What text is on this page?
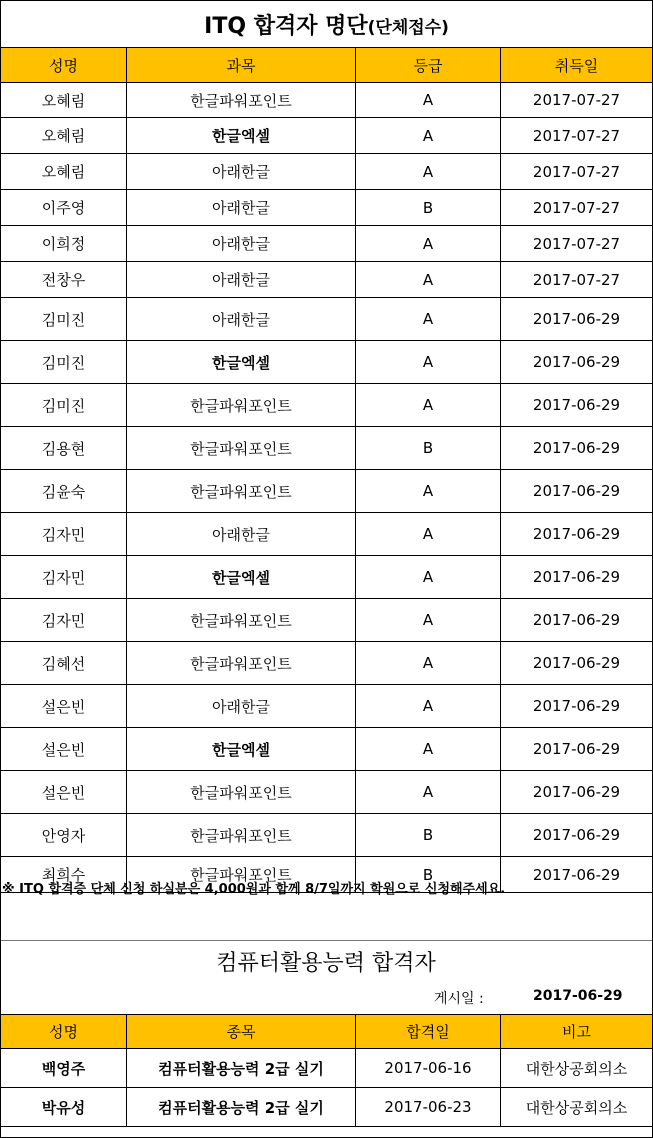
ITQ 합격자 명단(단체접수)			
성명	과목	등급	취득일
오혜림	한글파워포인트	A	2017-07-27
오혜림	한글엑셀	A	2017-07-27
오혜림	아래한글	A	2017-07-27
이주영	아래한글	B	2017-07-27
이희정	아래한글	A	2017-07-27
전창우	아래한글	A	2017-07-27
김미진	아래한글	A	2017-06-29
김미진	한글엑셀	A	2017-06-29
김미진	한글파워포인트	A	2017-06-29
김용현	한글파워포인트	B	2017-06-29
김윤숙	한글파워포인트	A	2017-06-29
김자민	아래한글	A	2017-06-29
김자민	한글엑셀	A	2017-06-29
김자민	한글파워포인트	A	2017-06-29
김혜선	한글파워포인트	A	2017-06-29
설은빈	아래한글	A	2017-06-29
설은빈	한글엑셀	A	2017-06-29
설은빈	한글파워포인트	A	2017-06-29
안영자	한글파워포인트	B	2017-06-29
최희수	한글파워포인트	B	2017-06-29
※ ITQ 합격증 단체 신청 하실분은 4,000원과 함께 8/7일까지 학원으로 신청해주세요.
컴퓨터활용능력 합격자
게시일 :	2017-06-29
성명	종목	합격일	비고
백영주	컴퓨터활용능력 2급 실기	2017-06-16	대한상공회의소
박유성	컴퓨터활용능력 2급 실기	2017-06-23	대한상공회의소
